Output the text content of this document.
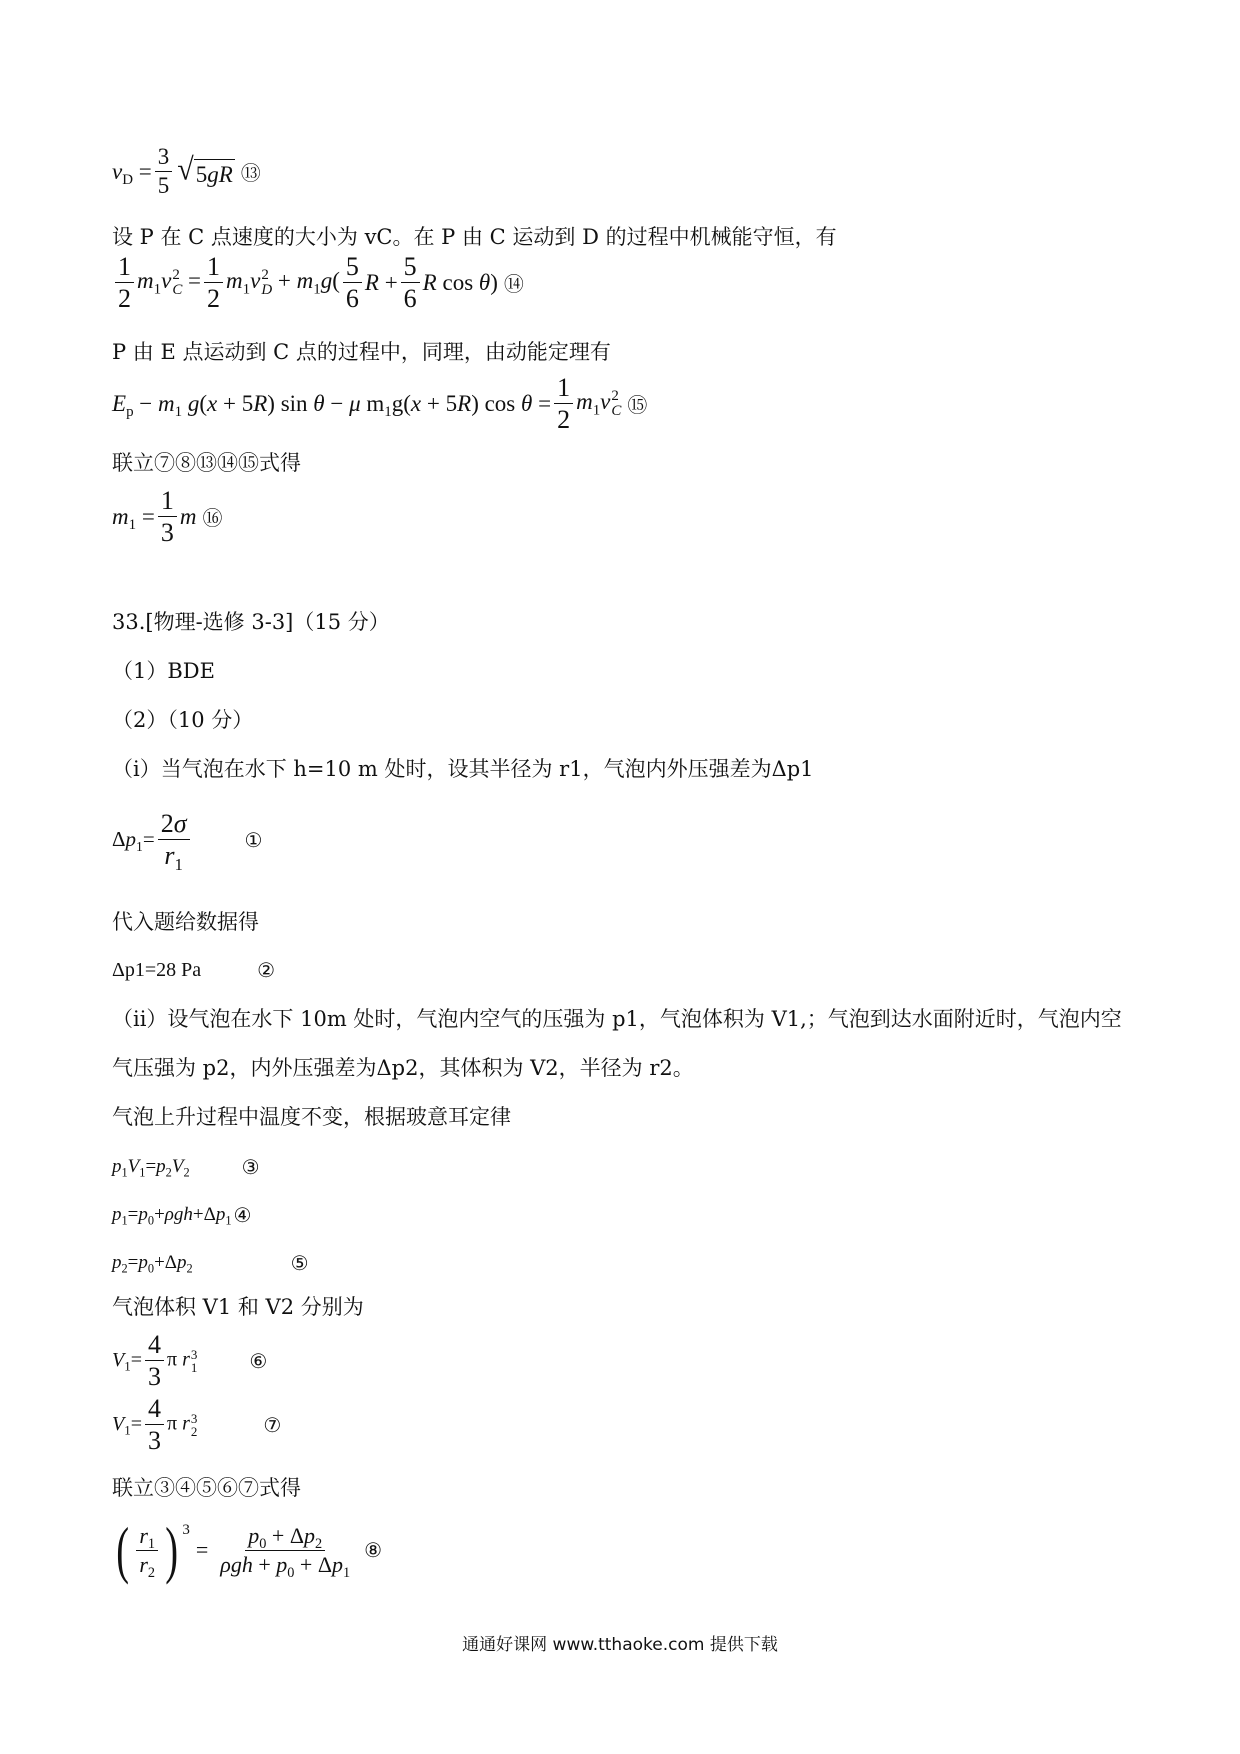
$v_D = \frac{3}{5}$ √ 5gR ⑬
设 P 在 C 点速度的大小为 vC。在 P 由 C 运动到 D 的过程中机械能守恒，有
$\frac{1}{2} m_1v$ 2
$C = \frac{1}{2} m_1v$ 2
$D + m_1g( \frac{5}{6}$ $R + \frac{5}{6}$ R cos θ) ⑭
P 由 E 点运动到 C 点的过程中，同理，由动能定理有
$E_p - m_1$ g(x + 5R) sin θ − μ $m_1g(x + 5R)$ $\cos \theta = \frac{1}{2} m_1v$ 2
C ⑮
联立⑦⑧⑬⑭⑮式得
$m_1 = \frac{1}{3}$ m ⑯
33.[物理-选修 3-3]（15 分）
（1）BDE
（2）（10 分）
（i）当气泡在水下 h=10 m 处时，设其半径为 r1，气泡内外压强差为Δp1
$\Delta p_1= \frac{2\sigma}{r_1}$	①
代入题给数据得
Δp1=28 Pa	②
（ii）设气泡在水下 10m 处时，气泡内空气的压强为 p1，气泡体积为 V1,；气泡到达水面附近时，气泡内空
气压强为 p2，内外压强差为Δp2，其体积为 V2，半径为 r2。
气泡上升过程中温度不变，根据玻意耳定律
$p_1V_1=p_2V_2$	③
$p_1=p_0+\rho gh+\Delta p_1$ ④
$p_2=p_0+\Delta p_2$	⑤
气泡体积 V1 和 V2 分别为
$V_1= \frac{4}{3}$ π r 3
1	⑥
$V_1= \frac{4}{3}$ π r 3
2	⑦
联立③④⑤⑥⑦式得
( $\frac{r_1}{r_2}$ ) 3
= $\frac{p_0 + \Delta p_2}{\rho gh + p_0 + \Delta p_1}$ ⑧
通通好课网 www.tthaoke.com 提供下载
